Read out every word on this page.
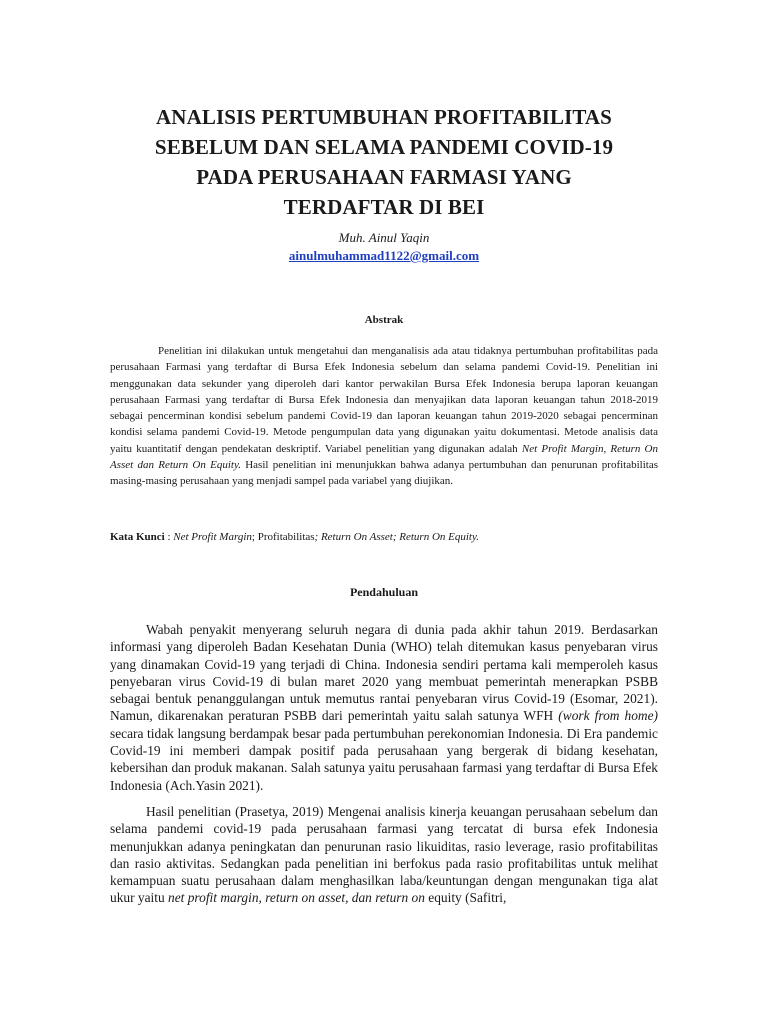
ANALISIS PERTUMBUHAN PROFITABILITAS
SEBELUM DAN SELAMA PANDEMI COVID-19
PADA PERUSAHAAN FARMASI YANG
TERDAFTAR DI BEI
Muh. Ainul Yaqin
ainulmuhammad1122@gmail.com
Abstrak

Penelitian ini dilakukan untuk mengetahui dan menganalisis ada atau tidaknya pertumbuhan profitabilitas pada perusahaan Farmasi yang terdaftar di Bursa Efek Indonesia sebelum dan selama pandemi Covid-19. Penelitian ini menggunakan data sekunder yang diperoleh dari kantor perwakilan Bursa Efek Indonesia berupa laporan keuangan perusahaan Farmasi yang terdaftar di Bursa Efek Indonesia dan menyajikan data laporan keuangan tahun 2018-2019 sebagai pencerminan kondisi sebelum pandemi Covid-19 dan laporan keuangan tahun 2019-2020 sebagai pencerminan kondisi selama pandemi Covid-19. Metode pengumpulan data yang digunakan yaitu dokumentasi. Metode analisis data yaitu kuantitatif dengan pendekatan deskriptif. Variabel penelitian yang digunakan adalah Net Profit Margin, Return On Asset dan Return On Equity. Hasil penelitian ini menunjukkan bahwa adanya pertumbuhan dan penurunan profitabilitas masing-masing perusahaan yang menjadi sampel pada variabel yang diujikan.

Kata Kunci : Net Profit Margin; Profitabilitas; Return On Asset; Return On Equity.

Pendahuluan

Wabah penyakit menyerang seluruh negara di dunia pada akhir tahun 2019. Berdasarkan informasi yang diperoleh Badan Kesehatan Dunia (WHO) telah ditemukan kasus penyebaran virus yang dinamakan Covid-19 yang terjadi di China. Indonesia sendiri pertama kali memperoleh kasus penyebaran virus Covid-19 di bulan maret 2020 yang membuat pemerintah menerapkan PSBB sebagai bentuk penanggulangan untuk memutus rantai penyebaran virus Covid-19 (Esomar, 2021). Namun, dikarenakan peraturan PSBB dari pemerintah yaitu salah satunya WFH (work from home) secara tidak langsung berdampak besar pada pertumbuhan perekonomian Indonesia. Di Era pandemic Covid-19 ini memberi dampak positif pada perusahaan yang bergerak di bidang kesehatan, kebersihan dan produk makanan. Salah satunya yaitu perusahaan farmasi yang terdaftar di Bursa Efek Indonesia (Ach.Yasin 2021).

Hasil penelitian (Prasetya, 2019) Mengenai analisis kinerja keuangan perusahaan sebelum dan selama pandemi covid-19 pada perusahaan farmasi yang tercatat di bursa efek Indonesia menunjukkan adanya peningkatan dan penurunan rasio likuiditas, rasio leverage, rasio profitabilitas dan rasio aktivitas. Sedangkan pada penelitian ini berfokus pada rasio profitabilitas untuk melihat kemampuan suatu perusahaan dalam menghasilkan laba/keuntungan dengan mengunakan tiga alat ukur yaitu net profit margin, return on asset, dan return on equity (Safitri,
